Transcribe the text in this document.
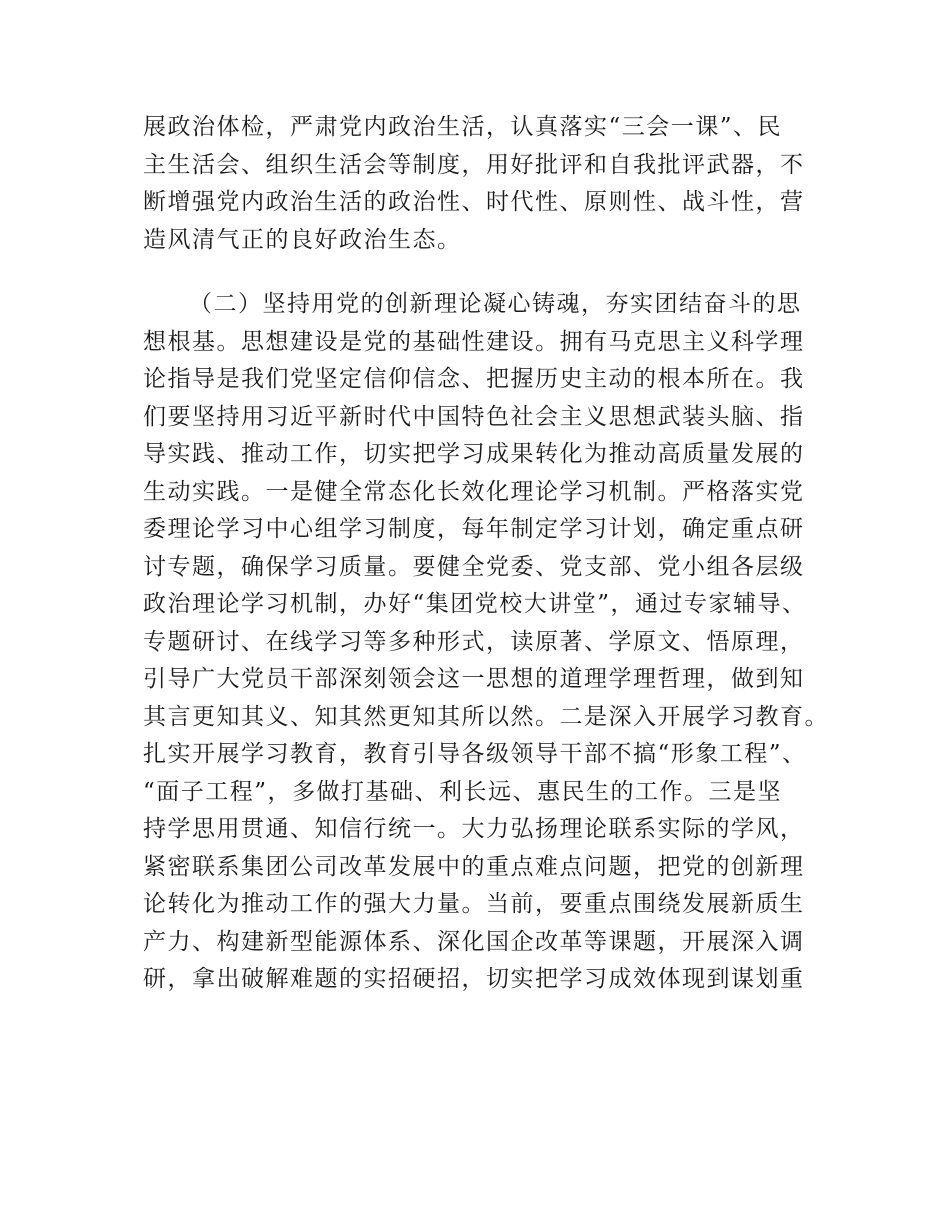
展政治体检，严肃党内政治生活，认真落实“三会一课”、民
主生活会、组织生活会等制度，用好批评和自我批评武器，不
断增强党内政治生活的政治性、时代性、原则性、战斗性，营
造风清气正的良好政治生态。
（二）坚持用党的创新理论凝心铸魂，夯实团结奋斗的思
想根基。思想建设是党的基础性建设。拥有马克思主义科学理
论指导是我们党坚定信仰信念、把握历史主动的根本所在。我
们要坚持用习近平新时代中国特色社会主义思想武装头脑、指
导实践、推动工作，切实把学习成果转化为推动高质量发展的
生动实践。一是健全常态化长效化理论学习机制。严格落实党
委理论学习中心组学习制度，每年制定学习计划，确定重点研
讨专题，确保学习质量。要健全党委、党支部、党小组各层级
政治理论学习机制，办好“集团党校大讲堂”，通过专家辅导、
专题研讨、在线学习等多种形式，读原著、学原文、悟原理，
引导广大党员干部深刻领会这一思想的道理学理哲理，做到知
其言更知其义、知其然更知其所以然。二是深入开展学习教育。
扎实开展学习教育，教育引导各级领导干部不搞“形象工程”、
“面子工程”，多做打基础、利长远、惠民生的工作。三是坚
持学思用贯通、知信行统一。大力弘扬理论联系实际的学风，
紧密联系集团公司改革发展中的重点难点问题，把党的创新理
论转化为推动工作的强大力量。当前，要重点围绕发展新质生
产力、构建新型能源体系、深化国企改革等课题，开展深入调
研，拿出破解难题的实招硬招，切实把学习成效体现到谋划重
